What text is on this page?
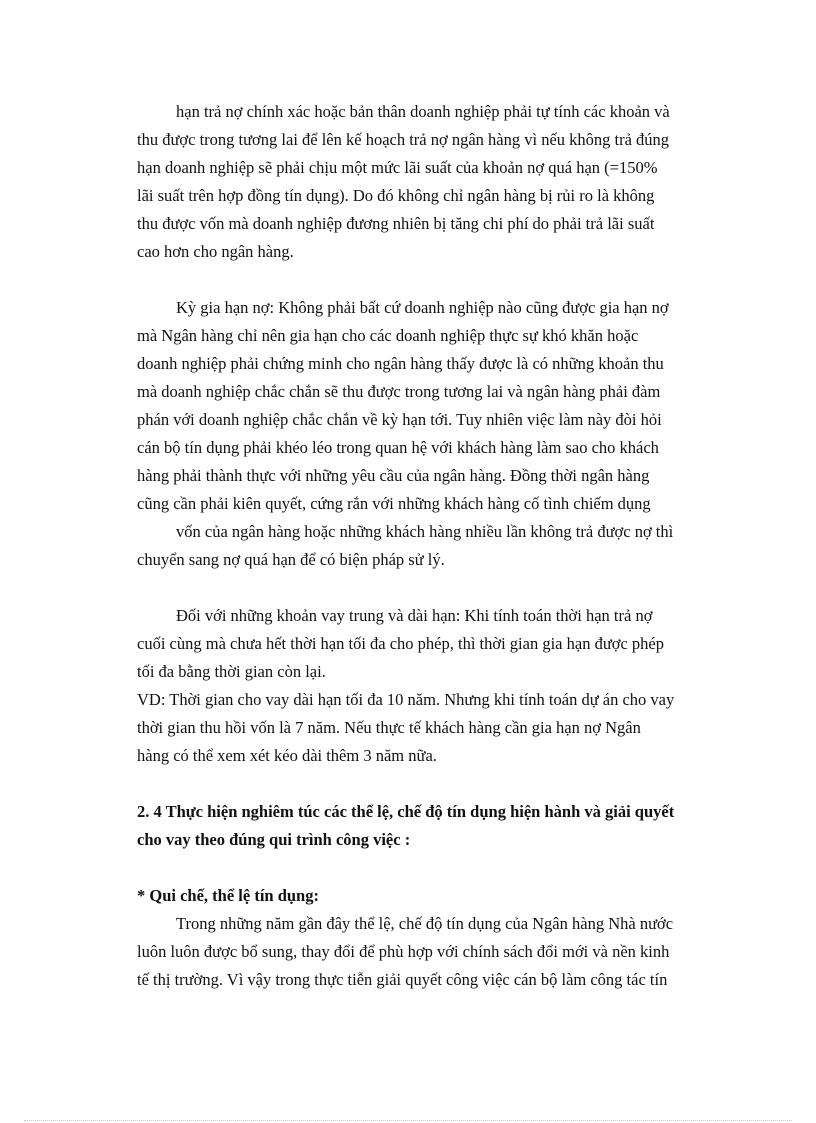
hạn trả nợ chính xác hoặc bản thân doanh nghiệp phải tự tính các khoản và

thu được trong tương lai để lên kế hoạch trả nợ ngân hàng vì nếu không trả đúng

hạn doanh nghiệp sẽ phải chịu một mức lãi suất của khoản nợ quá hạn (=150%

lãi suất trên hợp đồng tín dụng). Do đó không chỉ ngân hàng bị rủi ro là không

thu được vốn mà doanh nghiệp đương nhiên bị tăng chi phí do phải trả lãi suất

cao hơn cho ngân hàng.

Kỳ gia hạn nợ: Không phải bất cứ doanh nghiệp nào cũng được gia hạn nợ

mà Ngân hàng chỉ nên gia hạn cho các doanh nghiệp thực sự khó khăn hoặc

doanh nghiệp phải chứng minh cho ngân hàng thấy được là có những khoản thu

mà doanh nghiệp chắc chắn sẽ thu được trong tương lai và ngân hàng phải đàm

phán với doanh nghiệp chắc chắn về kỳ hạn tới. Tuy nhiên việc làm này đòi hỏi

cán bộ tín dụng phải khéo léo trong quan hệ với khách hàng làm sao cho khách

hàng phải thành thực với những yêu cầu của ngân hàng. Đồng thời ngân hàng

cũng cần phải kiên quyết, cứng rắn với những khách hàng cố tình chiếm dụng

vốn của ngân hàng hoặc những khách hàng nhiều lần không trả được nợ thì

chuyển sang nợ quá hạn để có biện pháp sử lý.

Đối với những khoản vay trung và dài hạn: Khi tính toán thời hạn trả nợ

cuối cùng mà chưa hết thời hạn tối đa cho phép, thì thời gian gia hạn được phép

tối đa bằng thời gian còn lại.

VD: Thời gian cho vay dài hạn tối đa 10 năm. Nhưng khi tính toán dự án cho vay

thời gian thu hồi vốn là 7 năm. Nếu thực tế khách hàng cần gia hạn nợ Ngân

hàng có thể xem xét kéo dài thêm 3 năm nữa.

2. 4 Thực hiện nghiêm túc các thể lệ, chế độ tín dụng hiện hành và giải quyết

cho vay theo đúng qui trình công việc :

* Qui chế, thể lệ tín dụng:

Trong những năm gần đây thể lệ, chế độ tín dụng của Ngân hàng Nhà nước

luôn luôn được bổ sung, thay đổi để phù hợp với chính sách đổi mới và nền kinh

tế thị trường. Vì vậy trong thực tiễn giải quyết công việc cán bộ làm công tác tín
